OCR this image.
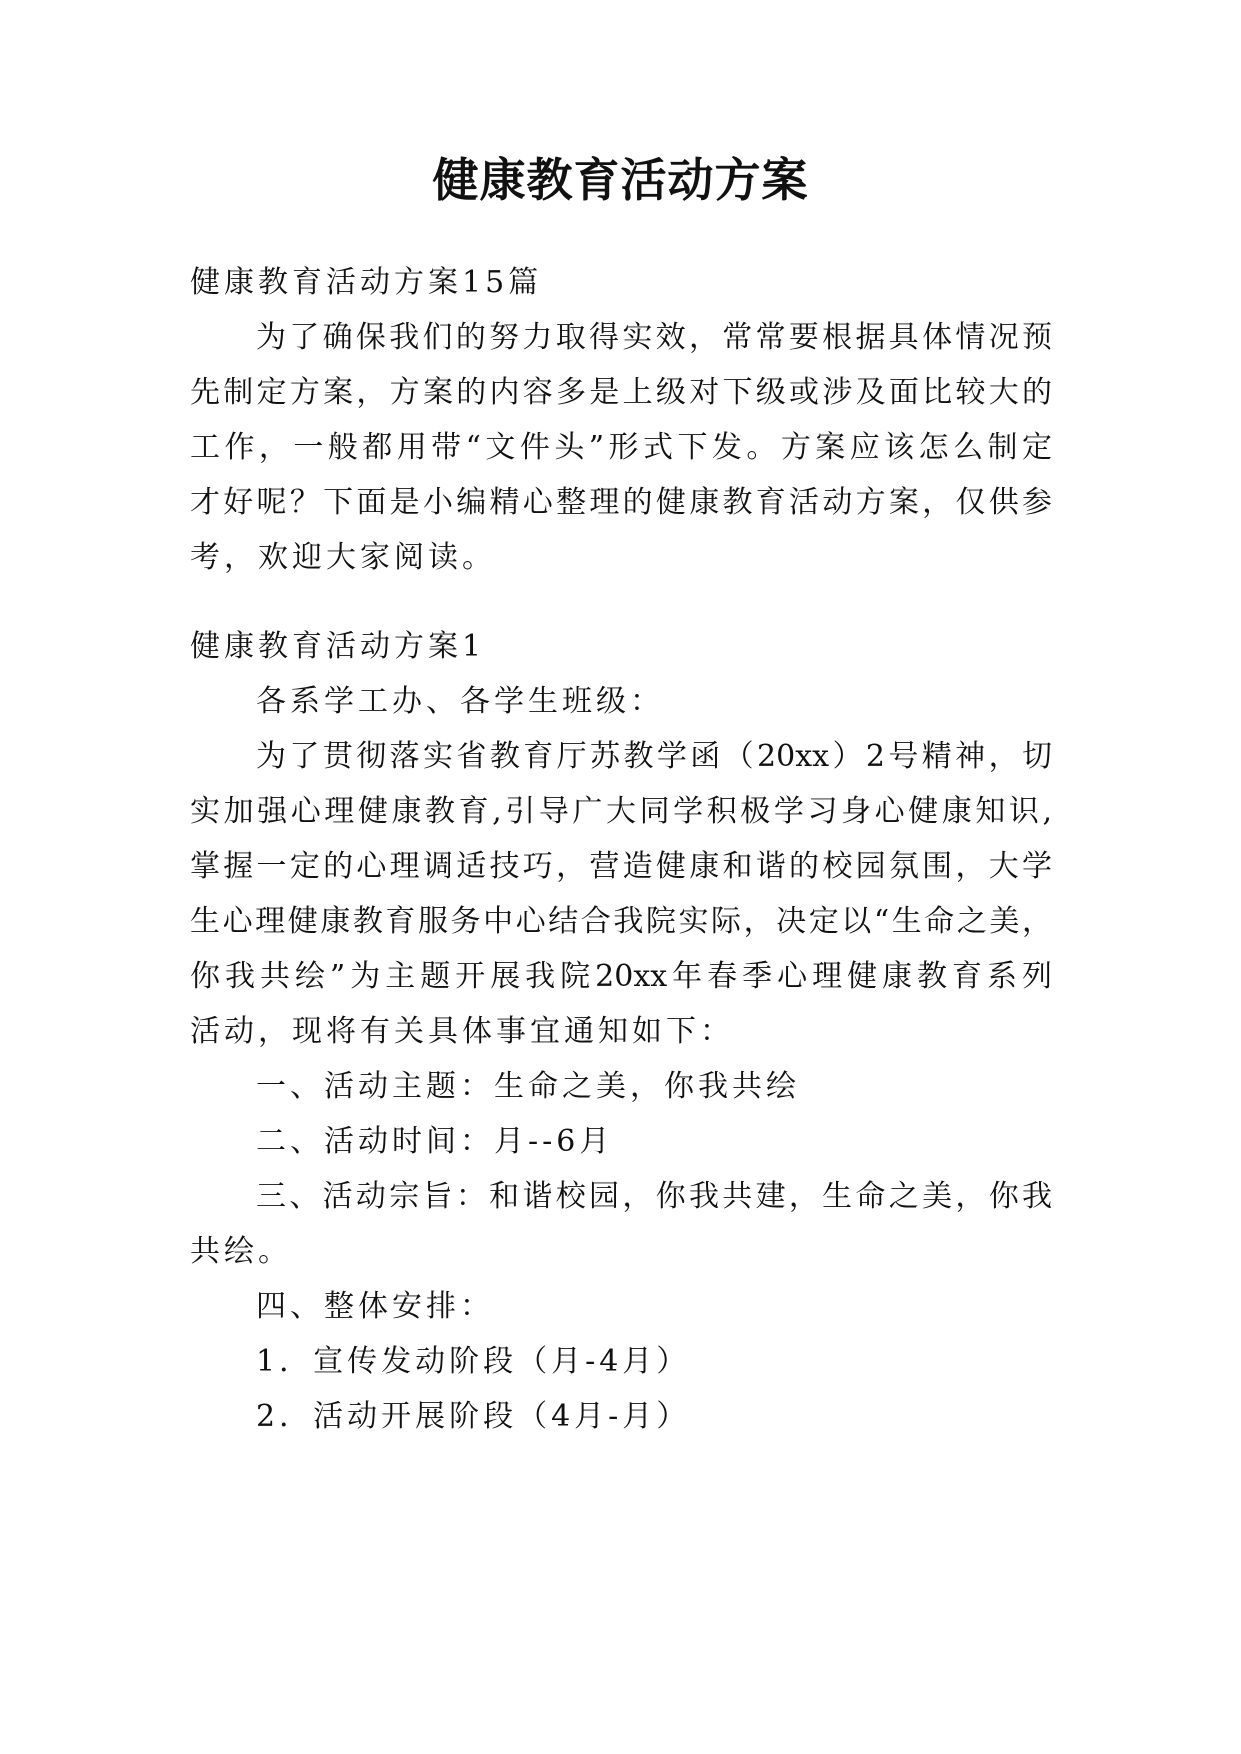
健康教育活动方案
健康教育活动方案15篇
为了确保我们的努力取得实效，常常要根据具体情况预
先制定方案，方案的内容多是上级对下级或涉及面比较大的
工作，一般都用带“文件头”形式下发。方案应该怎么制定
才好呢？下面是小编精心整理的健康教育活动方案，仅供参
考，欢迎大家阅读。
健康教育活动方案1
各系学工办、各学生班级：
为了贯彻落实省教育厅苏教学函（20xx）2号精神，切
实加强心理健康教育,引导广大同学积极学习身心健康知识,
掌握一定的心理调适技巧，营造健康和谐的校园氛围，大学
生心理健康教育服务中心结合我院实际，决定以“生命之美，
你我共绘”为主题开展我院20xx年春季心理健康教育系列
活动，现将有关具体事宜通知如下：
一、活动主题：生命之美，你我共绘
二、活动时间：月--6月
三、活动宗旨：和谐校园，你我共建，生命之美，你我
共绘。
四、整体安排：
1．宣传发动阶段（月-4月）
2．活动开展阶段（4月-月）
